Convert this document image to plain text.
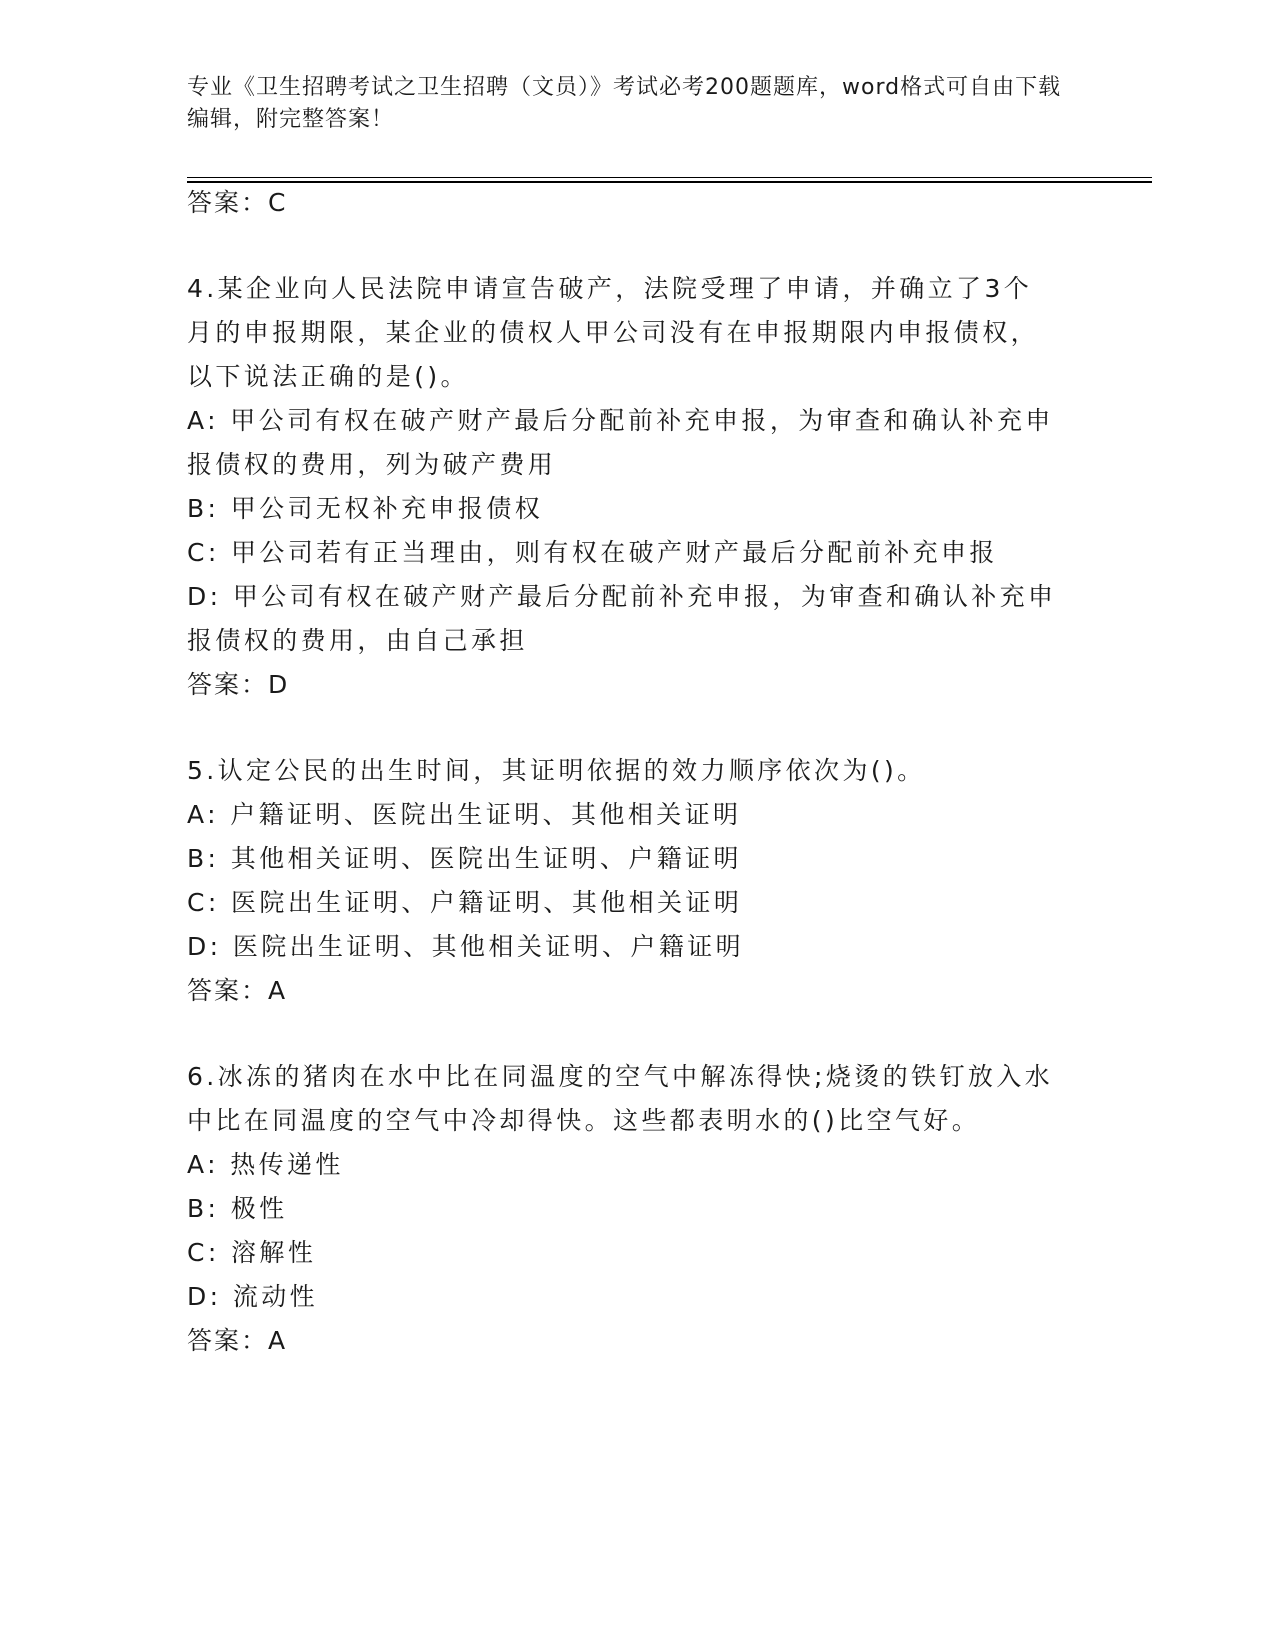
专业《卫生招聘考试之卫生招聘（文员）》考试必考200题题库，word格式可自由下载编辑，附完整答案！
答案：C
4.某企业向人民法院申请宣告破产，法院受理了申请，并确立了3个
月的申报期限，某企业的债权人甲公司没有在申报期限内申报债权，
以下说法正确的是()。
A: 甲公司有权在破产财产最后分配前补充申报，为审查和确认补充申
报债权的费用，列为破产费用
B: 甲公司无权补充申报债权
C: 甲公司若有正当理由，则有权在破产财产最后分配前补充申报
D: 甲公司有权在破产财产最后分配前补充申报，为审查和确认补充申
报债权的费用，由自己承担
答案：D
5.认定公民的出生时间，其证明依据的效力顺序依次为()。
A: 户籍证明、医院出生证明、其他相关证明
B: 其他相关证明、医院出生证明、户籍证明
C: 医院出生证明、户籍证明、其他相关证明
D: 医院出生证明、其他相关证明、户籍证明
答案：A
6.冰冻的猪肉在水中比在同温度的空气中解冻得快;烧烫的铁钉放入水
中比在同温度的空气中冷却得快。这些都表明水的()比空气好。
A: 热传递性
B: 极性
C: 溶解性
D: 流动性
答案：A
